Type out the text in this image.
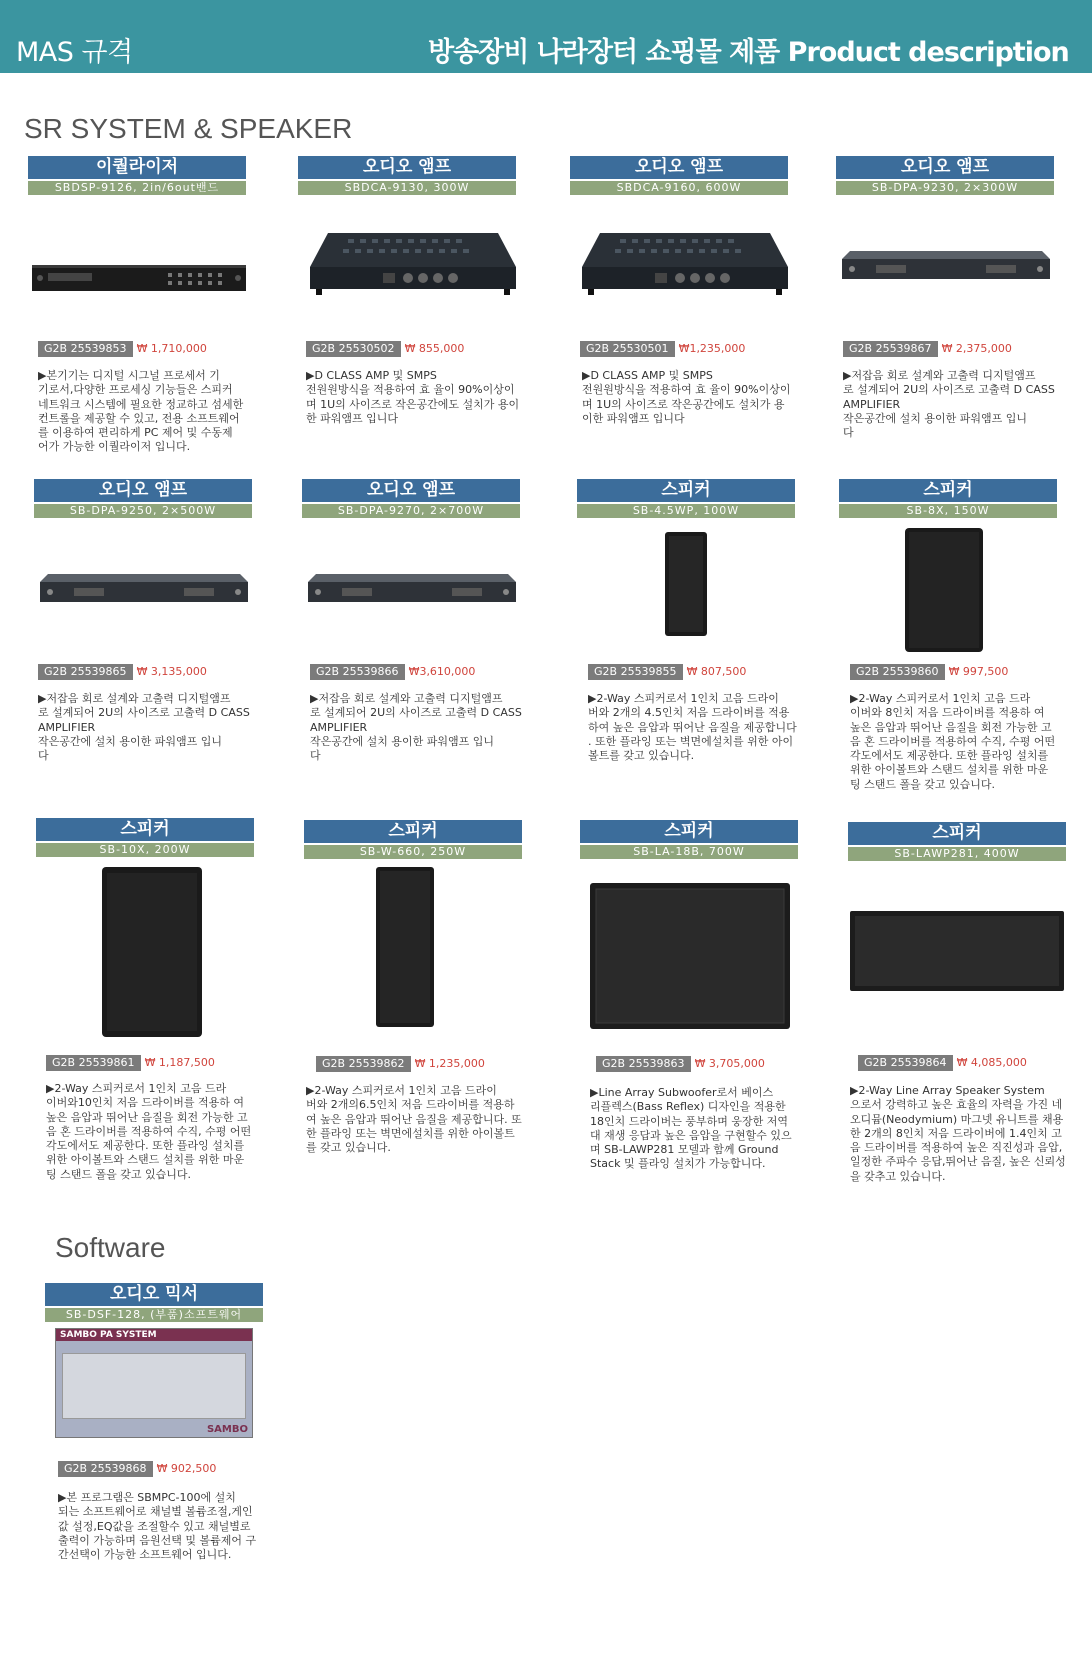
MAS 규격	방송장비 나라장터 쇼핑몰 제품 Product description
SR SYSTEM & SPEAKER
Software
이퀄라이저
SBDSP-9126, 2in/6out밴드
G2B 25539853 ₩ 1,710,000
▶본기기는 디지털 시그널 프로세서 기
기로서,다양한 프로세싱 기능들은 스피커
네트워크 시스템에 필요한 정교하고 섬세한
컨트롤을 제공할 수 있고, 전용 소프트웨어
를 이용하여 편리하게 PC 제어 및 수동제
어가 가능한 이퀄라이저 입니다.
오디오 앰프
SBDCA-9130, 300W
G2B 25530502 ₩ 855,000
▶D CLASS AMP 및 SMPS
전원원방식을 적용하여 효 율이 90%이상이
며 1U의 사이즈로 작은공간에도 설치가 용이
한 파워앰프 입니다
오디오 앰프
SBDCA-9160, 600W
G2B 25530501 ₩1,235,000
▶D CLASS AMP 및 SMPS
전원원방식을 적용하여 효 율이 90%이상이
며 1U의 사이즈로 작은공간에도 설치가 용
이한 파워앰프 입니다
오디오 앰프
SB-DPA-9230, 2×300W
G2B 25539867 ₩ 2,375,000
▶저잡음 회로 설계와 고출력 디지털앰프
로 설계되어 2U의 사이즈로 고출력 D CASS
AMPLIFIER
작은공간에 설치 용이한 파워앰프 입니
다
오디오 앰프
SB-DPA-9250, 2×500W
G2B 25539865 ₩ 3,135,000
▶저잡음 회로 설계와 고출력 디지털앰프
로 설계되어 2U의 사이즈로 고출력 D CASS
AMPLIFIER
작은공간에 설치 용이한 파워앰프 입니
다
오디오 앰프
SB-DPA-9270, 2×700W
G2B 25539866 ₩3,610,000
▶저잡음 회로 설계와 고출력 디지털앰프
로 설계되어 2U의 사이즈로 고출력 D CASS
AMPLIFIER
작은공간에 설치 용이한 파워앰프 입니
다
스피커
SB-4.5WP, 100W
G2B 25539855 ₩ 807,500
▶2-Way 스피커로서 1인치 고음 드라이
버와 2개의 4.5인치 저음 드라이버를 적용
하여 높은 음압과 뛰어난 음질을 제공합니다
. 또한 플라잉 또는 벽면에설치를 위한 아이
볼트를 갖고 있습니다.
스피커
SB-8X, 150W
G2B 25539860 ₩ 997,500
▶2-Way 스피커로서 1인치 고음 드라
이버와 8인치 저음 드라이버를 적용하 여
높은 음압과 뛰어난 음질을 회전 가능한 고
음 혼 드라이버를 적용하여 수직, 수평 어떤
각도에서도 제공한다. 또한 플라잉 설치를
위한 아이볼트와 스탠드 설치를 위한 마운
팅 스탠드 폴을 갖고 있습니다.
스피커
SB-10X, 200W
G2B 25539861 ₩ 1,187,500
▶2-Way 스피커로서 1인치 고음 드라
이버와10인치 저음 드라이버를 적용하 여
높은 음압과 뛰어난 음질을 회전 가능한 고
음 혼 드라이버를 적용하여 수직, 수평 어떤
각도에서도 제공한다. 또한 플라잉 설치를
위한 아이볼트와 스탠드 설치를 위한 마운
팅 스탠드 폴을 갖고 있습니다.
스피커
SB-W-660, 250W
G2B 25539862 ₩ 1,235,000
▶2-Way 스피커로서 1인치 고음 드라이
버와 2개의6.5인치 저음 드라이버를 적용하
여 높은 음압과 뛰어난 음질을 제공합니다. 또
한 플라잉 또는 벽면에설치를 위한 아이볼트
를 갖고 있습니다.
스피커
SB-LA-18B, 700W
G2B 25539863 ₩ 3,705,000
▶Line Array Subwoofer로서 베이스
리플렉스(Bass Reflex) 디자인을 적용한
18인치 드라이버는 풍부하며 웅장한 저역
대 재생 응답과 높은 음압을 구현할수 있으
며 SB-LAWP281 모델과 함께 Ground
Stack 및 플라잉 설치가 가능합니다.
스피커
SB-LAWP281, 400W
G2B 25539864 ₩ 4,085,000
▶2-Way Line Array Speaker System
으로서 강력하고 높은 효율의 자력을 가진 네
오디뮴(Neodymium) 마그넷 유니트를 채용
한 2개의 8인치 저음 드라이버에 1.4인치 고
음 드라이버를 적용하여 높은 직진성과 음압,
일정한 주파수 응답,뛰어난 음질, 높은 신뢰성
을 갖추고 있습니다.
오디오 믹서
SB-DSF-128, (부품)소프트웨어
SAMBO PA SYSTEM
SAMBO
G2B 25539868 ₩ 902,500
▶본 프로그램은 SBMPC-100에 설치
되는 소프트웨어로 채널별 볼륨조절,게인
값 설정,EQ값을 조절할수 있고 채널별로
출력이 가능하며 음원선택 및 볼륨제어 구
간선택이 가능한 소프트웨어 입니다.
